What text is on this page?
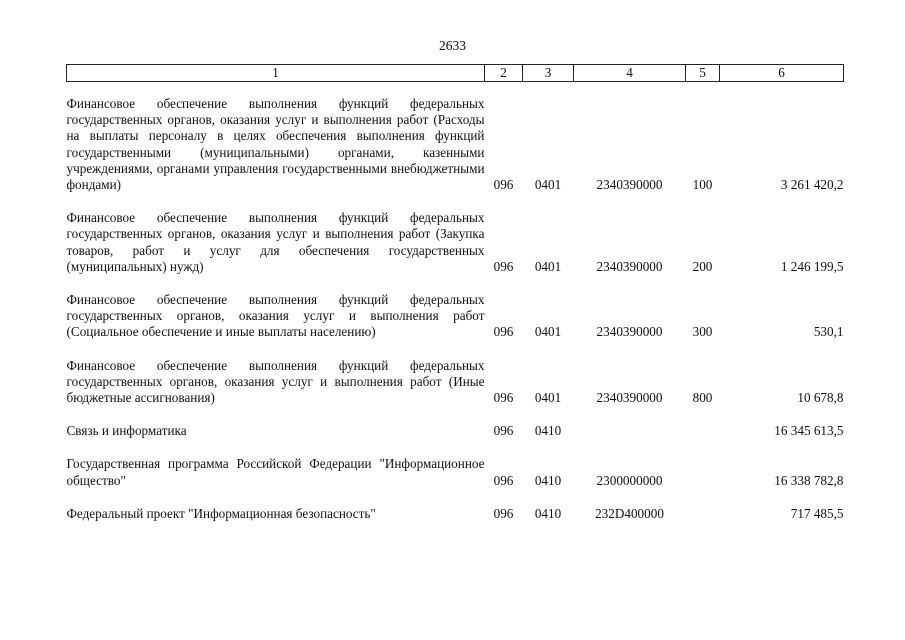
2633
1	2	3	4	5	6

Финансовое обеспечение выполнения функций федеральных государственных органов, оказания услуг и выполнения работ (Расходы на выплаты персоналу в целях обеспечения выполнения функций государственными (муниципальными) органами, казенными учреждениями, органами управления государственными внебюджетными фондами)	096	0401	2340390000	100	3 261 420,2

Финансовое обеспечение выполнения функций федеральных государственных органов, оказания услуг и выполнения работ (Закупка товаров, работ и услуг для обеспечения государственных (муниципальных) нужд)	096	0401	2340390000	200	1 246 199,5

Финансовое обеспечение выполнения функций федеральных государственных органов, оказания услуг и выполнения работ (Социальное обеспечение и иные выплаты населению)	096	0401	2340390000	300	530,1

Финансовое обеспечение выполнения функций федеральных государственных органов, оказания услуг и выполнения работ (Иные бюджетные ассигнования)	096	0401	2340390000	800	10 678,8

Связь и информатика	096	0410			16 345 613,5

Государственная программа Российской Федерации "Информационное общество"	096	0410	2300000000		16 338 782,8

Федеральный проект "Информационная безопасность"	096	0410	232D400000		717 485,5
